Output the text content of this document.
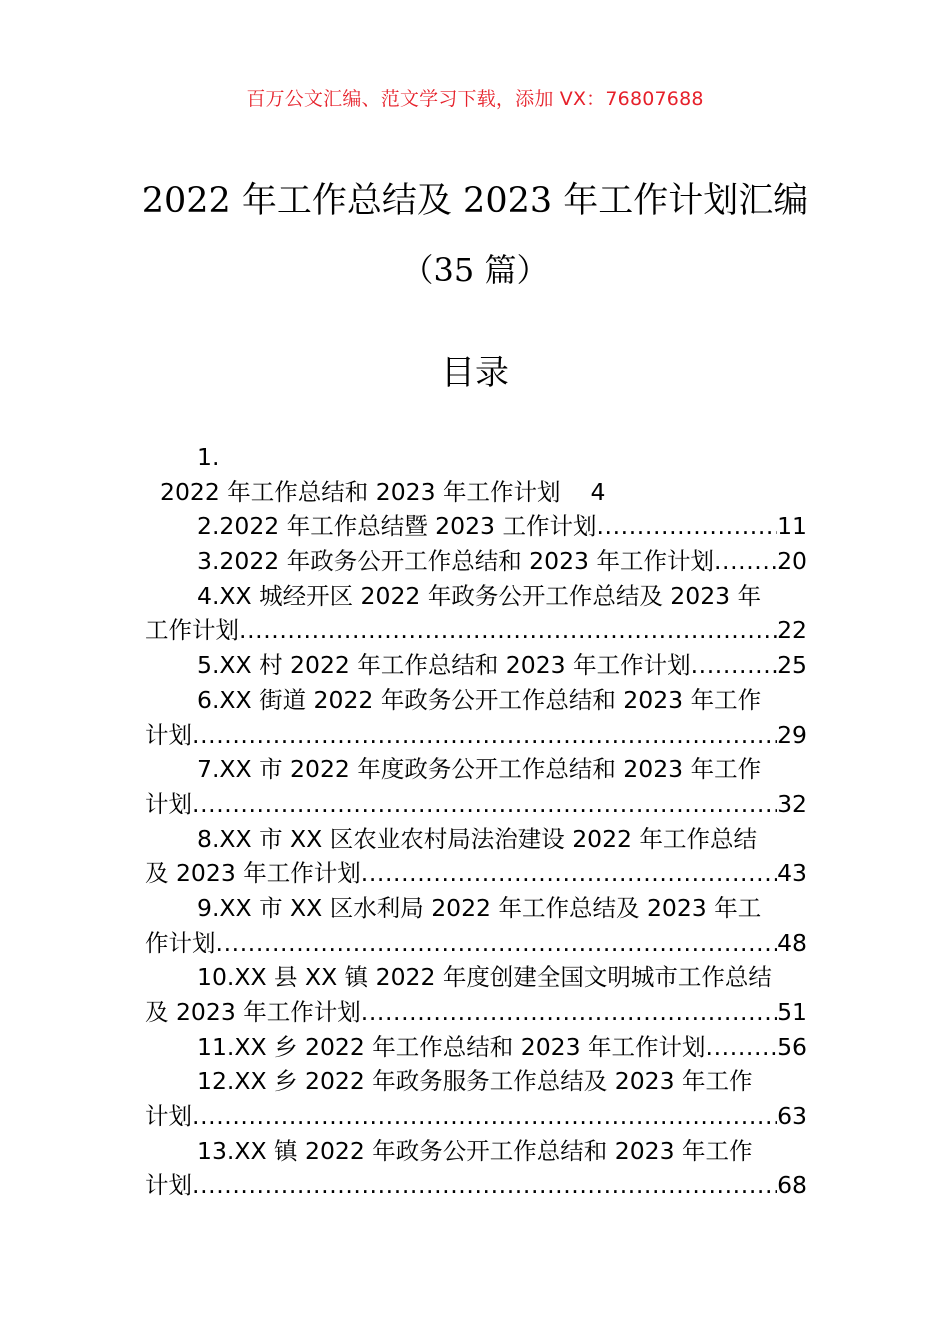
百万公文汇编、范文学习下载，添加 VX：76807688
2022 年工作总结及 2023 年工作计划汇编
（35 篇）
目录
1.
2022 年工作总结和 2023 年工作计划 4
2.2022 年工作总结暨 2023 工作计划 .....	11
3.2022 年政务公开工作总结和 2023 年工作计划 .....	20
4.XX 城经开区 2022 年政务公开工作总结及 2023 年
工作计划 .....	22
5.XX 村 2022 年工作总结和 2023 年工作计划 .....	25
6.XX 街道 2022 年政务公开工作总结和 2023 年工作
计划 .....	29
7.XX 市 2022 年度政务公开工作总结和 2023 年工作
计划 .....	32
8.XX 市 XX 区农业农村局法治建设 2022 年工作总结
及 2023 年工作计划 .....	43
9.XX 市 XX 区水利局 2022 年工作总结及 2023 年工
作计划 .....	48
10.XX 县 XX 镇 2022 年度创建全国文明城市工作总结
及 2023 年工作计划 .....	51
11.XX 乡 2022 年工作总结和 2023 年工作计划 .....	56
12.XX 乡 2022 年政务服务工作总结及 2023 年工作
计划 .....	63
13.XX 镇 2022 年政务公开工作总结和 2023 年工作
计划 .....	68
